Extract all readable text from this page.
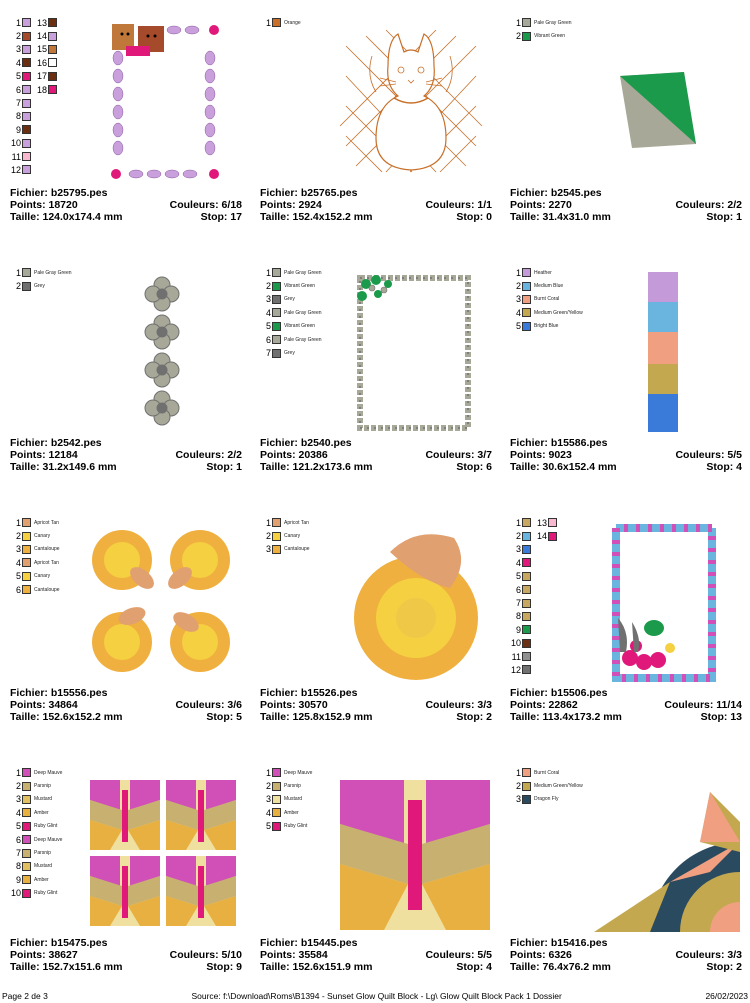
1
2
3
4
5
6
7
8
9
10
11
12
13
14
15
16
17
18
Fichier: b25795.pes
Points: 18720	Couleurs: 6/18
Taille: 124.0x174.4 mm	Stop: 17
1	Orange
Fichier: b25765.pes
Points: 2924	Couleurs: 1/1
Taille: 152.4x152.2 mm	Stop: 0
1	Pale Gray Green
2	Vibrant Green
Fichier: b2545.pes
Points: 2270	Couleurs: 2/2
Taille: 31.4x31.0 mm	Stop: 1
1	Pale Gray Green
2	Grey
Fichier: b2542.pes
Points: 12184	Couleurs: 2/2
Taille: 31.2x149.6 mm	Stop: 1
1	Pale Gray Green
2	Vibrant Green
3	Grey
4	Pale Gray Green
5	Vibrant Green
6	Pale Gray Green
7	Grey
Fichier: b2540.pes
Points: 20386	Couleurs: 3/7
Taille: 121.2x173.6 mm	Stop: 6
1	Heather
2	Medium Blue
3	Burnt Coral
4	Medium Green/Yellow
5	Bright Blue
Fichier: b15586.pes
Points: 9023	Couleurs: 5/5
Taille: 30.6x152.4 mm	Stop: 4
1	Apricot Tan
2	Canary
3	Cantaloupe
4	Apricot Tan
5	Canary
6	Cantaloupe
Fichier: b15556.pes
Points: 34864	Couleurs: 3/6
Taille: 152.6x152.2 mm	Stop: 5
1	Apricot Tan
2	Canary
3	Cantaloupe
Fichier: b15526.pes
Points: 30570	Couleurs: 3/3
Taille: 125.8x152.9 mm	Stop: 2
1
2
3
4
5
6
7
8
9
10
11
12
13
14
Fichier: b15506.pes
Points: 22862	Couleurs: 11/14
Taille: 113.4x173.2 mm	Stop: 13
1	Deep Mauve
2	Parsnip
3	Mustard
4	Amber
5	Ruby Glint
6	Deep Mauve
7	Parsnip
8	Mustard
9	Amber
10	Ruby Glint
Fichier: b15475.pes
Points: 38627	Couleurs: 5/10
Taille: 152.7x151.6 mm	Stop: 9
1	Deep Mauve
2	Parsnip
3	Mustard
4	Amber
5	Ruby Glint
Fichier: b15445.pes
Points: 35584	Couleurs: 5/5
Taille: 152.6x151.9 mm	Stop: 4
1	Burnt Coral
2	Medium Green/Yellow
3	Dragon Fly
Fichier: b15416.pes
Points: 6326	Couleurs: 3/3
Taille: 76.4x76.2 mm	Stop: 2
Page 2 de 3	Source: f:\Download\Roms\B1394 - Sunset Glow Quilt Block - Lg\ Glow Quilt Block Pack 1 Dossier	26/02/2023
